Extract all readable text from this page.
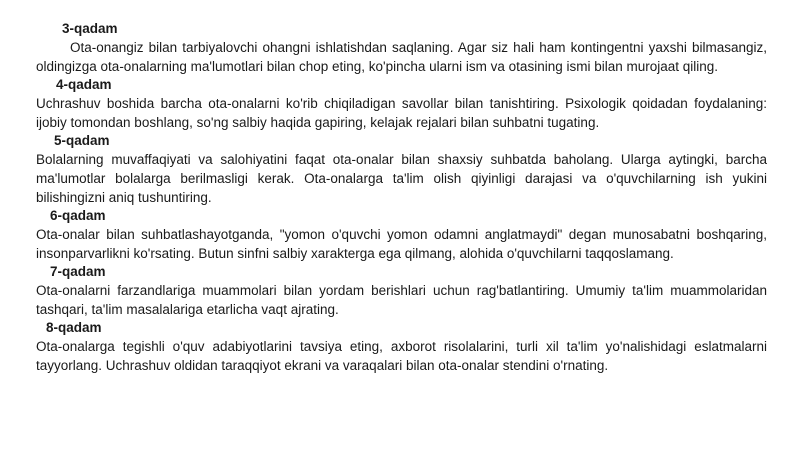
3-qadam

Ota-onangiz bilan tarbiyalovchi ohangni ishlatishdan saqlaning. Agar siz hali ham kontingentni yaxshi bilmasangiz, oldingizga ota-onalarning ma'lumotlari bilan chop eting, ko'pincha ularni ism va otasining ismi bilan murojaat qiling.

4-qadam

Uchrashuv boshida barcha ota-onalarni ko'rib chiqiladigan savollar bilan tanishtiring. Psixologik qoidadan foydalaning: ijobiy tomondan boshlang, so'ng salbiy haqida gapiring, kelajak rejalari bilan suhbatni tugating.

5-qadam

Bolalarning muvaffaqiyati va salohiyatini faqat ota-onalar bilan shaxsiy suhbatda baholang. Ularga aytingki, barcha ma'lumotlar bolalarga berilmasligi kerak. Ota-onalarga ta'lim olish qiyinligi darajasi va o'quvchilarning ish yukini bilishingizni aniq tushuntiring.

6-qadam

Ota-onalar bilan suhbatlashayotganda, "yomon o'quvchi yomon odamni anglatmaydi" degan munosabatni boshqaring, insonparvarlikni ko'rsating. Butun sinfni salbiy xarakterga ega qilmang, alohida o'quvchilarni taqqoslamang.

7-qadam

Ota-onalarni farzandlariga muammolari bilan yordam berishlari uchun rag'batlantiring. Umumiy ta'lim muammolaridan tashqari, ta'lim masalalariga etarlicha vaqt ajrating.

8-qadam

Ota-onalarga tegishli o'quv adabiyotlarini tavsiya eting, axborot risolalarini, turli xil ta'lim yo'nalishidagi eslatmalarni tayyorlang. Uchrashuv oldidan taraqqiyot ekrani va varaqalari bilan ota-onalar stendini o'rnating.
